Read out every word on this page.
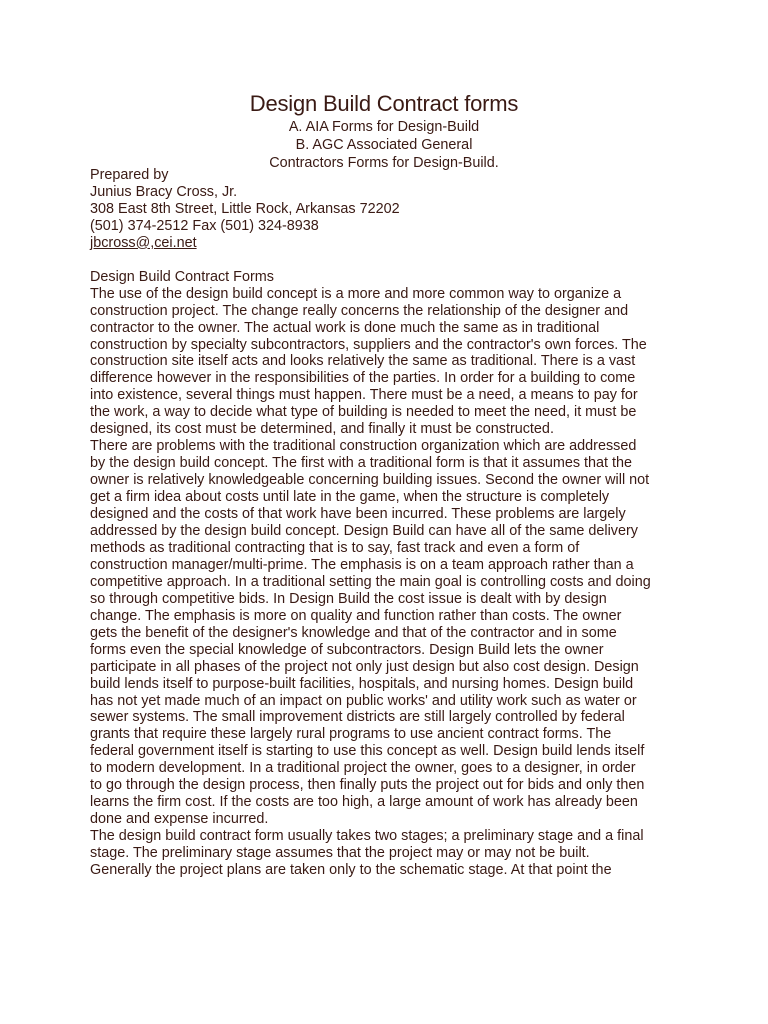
Design Build Contract forms

A. AIA Forms for Design-Build

B. AGC Associated General

Contractors Forms for Design-Build.

Prepared by
Junius Bracy Cross, Jr.
308 East 8th Street, Little Rock, Arkansas 72202
(501) 374-2512 Fax (501) 324-8938
jbcross@,cei.net
Design Build Contract Forms
The use of the design build concept is a more and more common way to organize a
construction project. The change really concerns the relationship of the designer and
contractor to the owner. The actual work is done much the same as in traditional
construction by specialty subcontractors, suppliers and the contractor's own forces. The
construction site itself acts and looks relatively the same as traditional. There is a vast
difference however in the responsibilities of the parties. In order for a building to come
into existence, several things must happen. There must be a need, a means to pay for
the work, a way to decide what type of building is needed to meet the need, it must be
designed, its cost must be determined, and finally it must be constructed.
There are problems with the traditional construction organization which are addressed
by the design build concept. The first with a traditional form is that it assumes that the
owner is relatively knowledgeable concerning building issues. Second the owner will not
get a firm idea about costs until late in the game, when the structure is completely
designed and the costs of that work have been incurred. These problems are largely
addressed by the design build concept. Design Build can have all of the same delivery
methods as traditional contracting that is to say, fast track and even a form of
construction manager/multi-prime. The emphasis is on a team approach rather than a
competitive approach. In a traditional setting the main goal is controlling costs and doing
so through competitive bids. In Design Build the cost issue is dealt with by design
change. The emphasis is more on quality and function rather than costs. The owner
gets the benefit of the designer's knowledge and that of the contractor and in some
forms even the special knowledge of subcontractors. Design Build lets the owner
participate in all phases of the project not only just design but also cost design. Design
build lends itself to purpose-built facilities, hospitals, and nursing homes. Design build
has not yet made much of an impact on public works' and utility work such as water or
sewer systems. The small improvement districts are still largely controlled by federal
grants that require these largely rural programs to use ancient contract forms. The
federal government itself is starting to use this concept as well. Design build lends itself
to modern development. In a traditional project the owner, goes to a designer, in order
to go through the design process, then finally puts the project out for bids and only then
learns the firm cost. If the costs are too high, a large amount of work has already been
done and expense incurred.
The design build contract form usually takes two stages; a preliminary stage and a final
stage. The preliminary stage assumes that the project may or may not be built.
Generally the project plans are taken only to the schematic stage. At that point the
